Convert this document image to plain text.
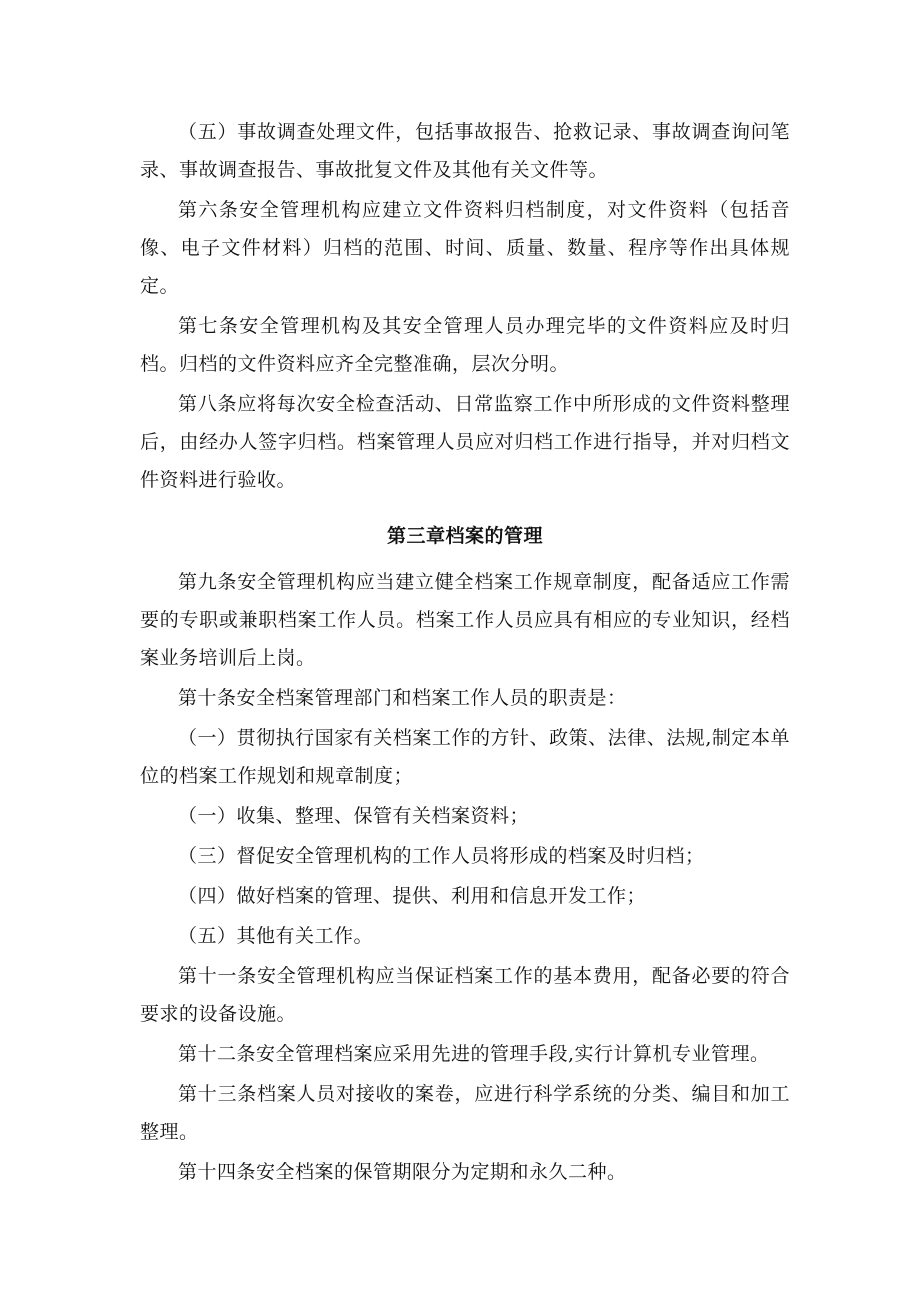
（五）事故调查处理文件，包括事故报告、抢救记录、事故调查询问笔录、事故调查报告、事故批复文件及其他有关文件等。

第六条安全管理机构应建立文件资料归档制度，对文件资料（包括音像、电子文件材料）归档的范围、时间、质量、数量、程序等作出具体规定。

第七条安全管理机构及其安全管理人员办理完毕的文件资料应及时归档。归档的文件资料应齐全完整准确，层次分明。

第八条应将每次安全检查活动、日常监察工作中所形成的文件资料整理后，由经办人签字归档。档案管理人员应对归档工作进行指导，并对归档文件资料进行验收。

第三章档案的管理

第九条安全管理机构应当建立健全档案工作规章制度，配备适应工作需要的专职或兼职档案工作人员。档案工作人员应具有相应的专业知识，经档案业务培训后上岗。

第十条安全档案管理部门和档案工作人员的职责是：

（一）贯彻执行国家有关档案工作的方针、政策、法律、法规,制定本单位的档案工作规划和规章制度；

（一）收集、整理、保管有关档案资料；

（三）督促安全管理机构的工作人员将形成的档案及时归档；

（四）做好档案的管理、提供、利用和信息开发工作；

（五）其他有关工作。

第十一条安全管理机构应当保证档案工作的基本费用，配备必要的符合要求的设备设施。

第十二条安全管理档案应采用先进的管理手段,实行计算机专业管理。

第十三条档案人员对接收的案卷，应进行科学系统的分类、编目和加工整理。

第十四条安全档案的保管期限分为定期和永久二种。
